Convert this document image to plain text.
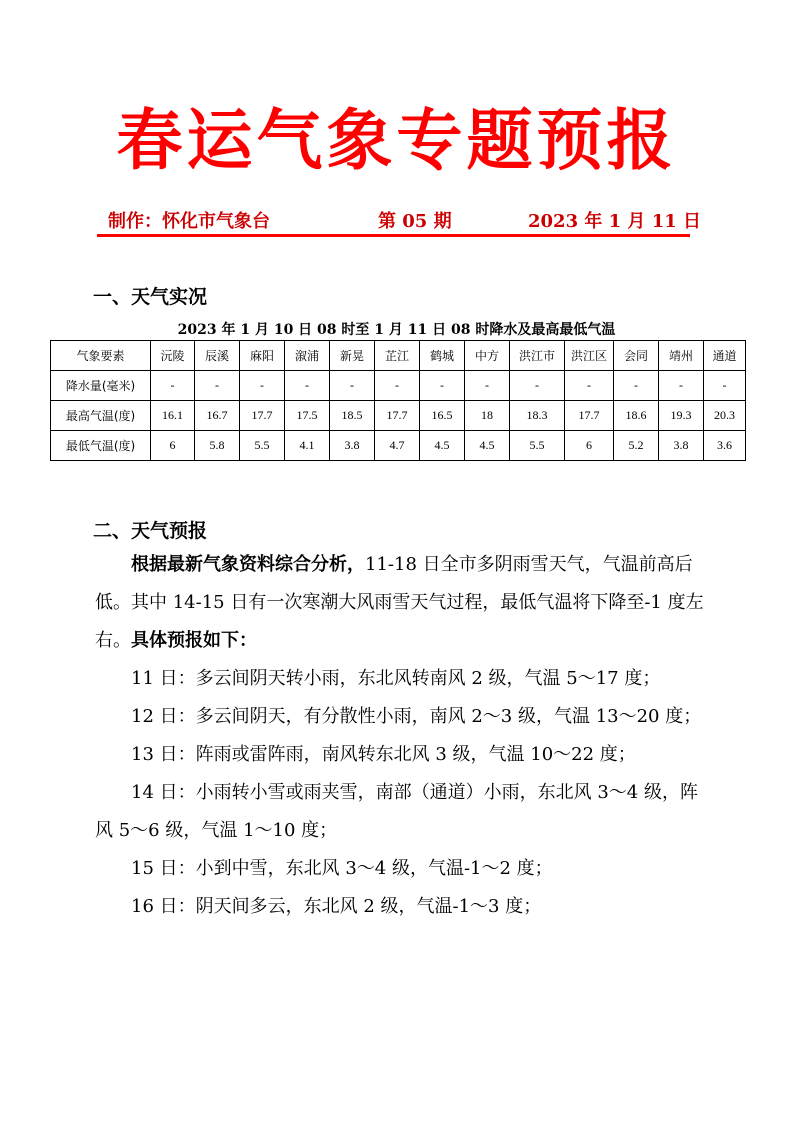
春运气象专题预报
制作：怀化市气象台	第 05 期	2023 年 1 月 11 日
一、天气实况
2023 年 1 月 10 日 08 时至 1 月 11 日 08 时降水及最高最低气温
气象要素	沅陵	辰溪	麻阳	溆浦	新晃	芷江	鹤城	中方	洪江市	洪江区	会同	靖州	通道
降水量(毫米)	-	-	-	-	-	-	-	-	-	-	-	-	-
最高气温(度)	16.1	16.7	17.7	17.5	18.5	17.7	16.5	18	18.3	17.7	18.6	19.3	20.3
最低气温(度)	6	5.8	5.5	4.1	3.8	4.7	4.5	4.5	5.5	6	5.2	3.8	3.6
二、天气预报

根据最新气象资料综合分析，11-18 日全市多阴雨雪天气，气温前高后低。其中 14-15 日有一次寒潮大风雨雪天气过程，最低气温将下降至-1 度左右。具体预报如下：

11 日：多云间阴天转小雨，东北风转南风 2 级，气温 5～17 度；

12 日：多云间阴天，有分散性小雨，南风 2～3 级，气温 13～20 度；

13 日：阵雨或雷阵雨，南风转东北风 3 级，气温 10～22 度；

14 日：小雨转小雪或雨夹雪，南部（通道）小雨，东北风 3～4 级，阵风 5～6 级，气温 1～10 度；

15 日：小到中雪，东北风 3～4 级，气温-1～2 度；

16 日：阴天间多云，东北风 2 级，气温-1～3 度；
